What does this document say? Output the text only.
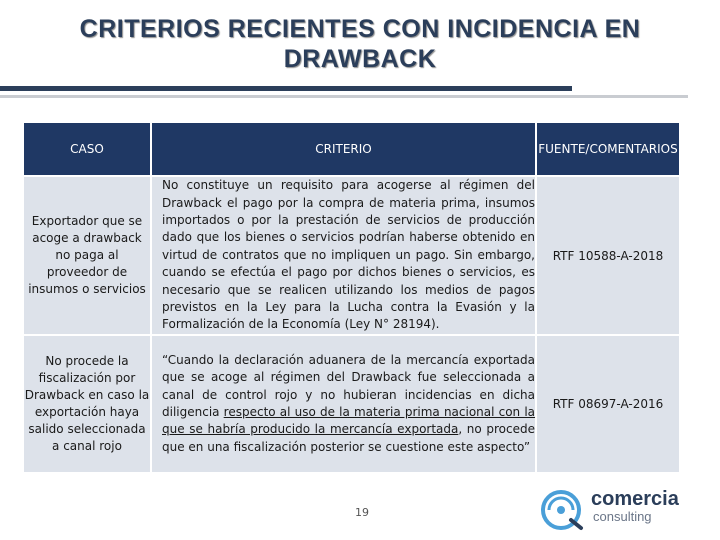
CRITERIOS RECIENTES CON INCIDENCIA EN DRAWBACK
CASO	CRITERIO	FUENTE/COMENTARIOS
Exportador que se acoge a drawback no paga al proveedor de insumos o servicios
No constituye un requisito para acogerse al régimen del Drawback el pago por la compra de materia prima, insumos importados o por la prestación de servicios de producción dado que los bienes o servicios podrían haberse obtenido en virtud de contratos que no impliquen un pago. Sin embargo, cuando se efectúa el pago por dichos bienes o servicios, es necesario que se realicen utilizando los medios de pagos previstos en la Ley para la Lucha contra la Evasión y la Formalización de la Economía (Ley N° 28194).
RTF 10588-A-2018
No procede la fiscalización por Drawback en caso la exportación haya salido seleccionada a canal rojo
“Cuando la declaración aduanera de la mercancía exportada que se acoge al régimen del Drawback fue seleccionada a canal de control rojo y no hubieran incidencias en dicha diligencia respecto al uso de la materia prima nacional con la que se habría producido la mercancía exportada, no procede que en una fiscalización posterior se cuestione este aspecto”
RTF 08697-A-2016
19
comercia
consulting
